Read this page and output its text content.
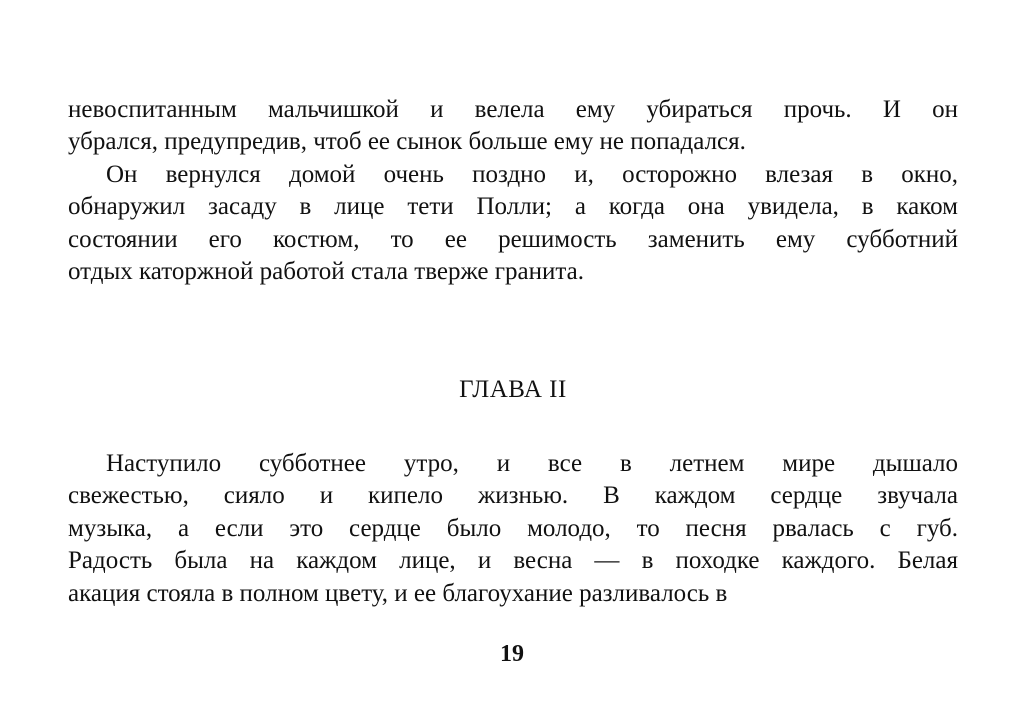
невоспитанным мальчишкой и велела ему убираться прочь. И он
убрался, предупредив, чтоб ее сынок больше ему не попадался.
Он вернулся домой очень поздно и, осторожно влезая в окно,
обнаружил засаду в лице тети Полли; а когда она увидела, в каком
состоянии его костюм, то ее решимость заменить ему субботний
отдых каторжной работой стала тверже гранита.
ГЛАВА II
Наступило субботнее утро, и все в летнем мире дышало
свежестью, сияло и кипело жизнью. В каждом сердце звучала
музыка, а если это сердце было молодо, то песня рвалась с губ.
Радость была на каждом лице, и весна — в походке каждого. Белая
акация стояла в полном цвету, и ее благоухание разливалось в

19
